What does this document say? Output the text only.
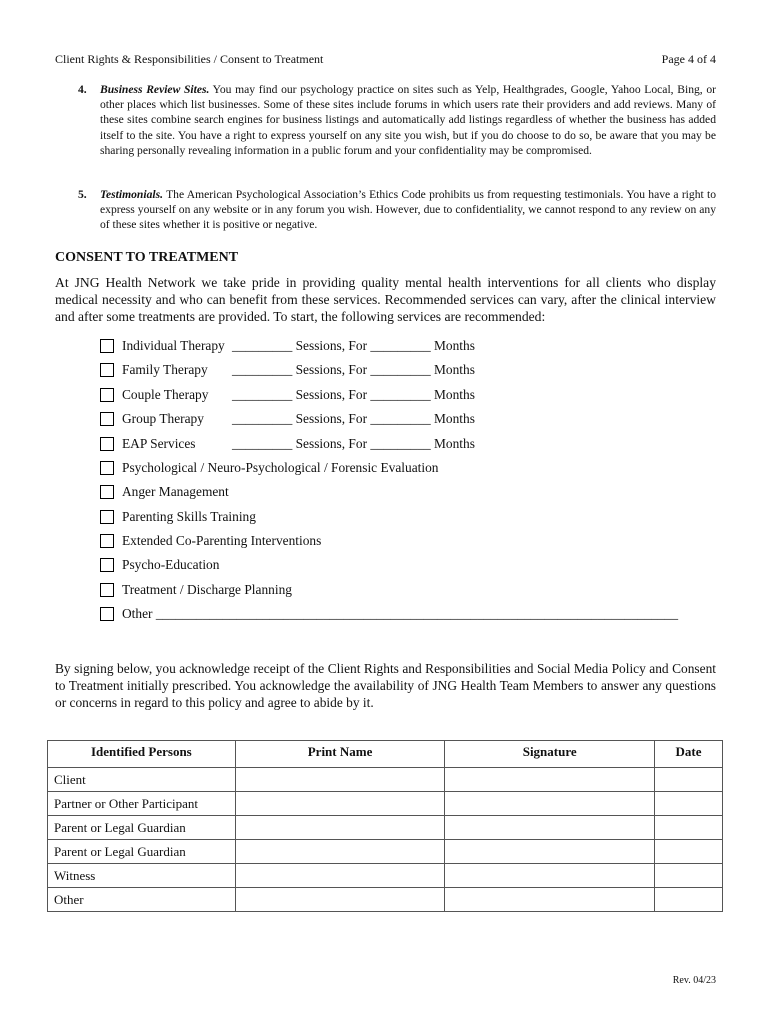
Client Rights & Responsibilities / Consent to Treatment	Page 4 of 4
4. Business Review Sites. You may find our psychology practice on sites such as Yelp, Healthgrades, Google, Yahoo Local, Bing, or other places which list businesses. Some of these sites include forums in which users rate their providers and add reviews. Many of these sites combine search engines for business listings and automatically add listings regardless of whether the business has added itself to the site. You have a right to express yourself on any site you wish, but if you do choose to do so, be aware that you may be sharing personally revealing information in a public forum and your confidentiality may be compromised.
5. Testimonials. The American Psychological Association’s Ethics Code prohibits us from requesting testimonials. You have a right to express yourself on any website or in any forum you wish. However, due to confidentiality, we cannot respond to any review on any of these sites whether it is positive or negative.
CONSENT TO TREATMENT
At JNG Health Network we take pride in providing quality mental health interventions for all clients who display medical necessity and who can benefit from these services. Recommended services can vary, after the clinical interview and after some treatments are provided. To start, the following services are recommended:
Individual Therapy _________ Sessions, For _________ Months
Family Therapy _________ Sessions, For _________ Months
Couple Therapy _________ Sessions, For _________ Months
Group Therapy _________ Sessions, For _________ Months
EAP Services	_________ Sessions, For _________ Months
Psychological / Neuro-Psychological / Forensic Evaluation
Anger Management
Parenting Skills Training
Extended Co-Parenting Interventions
Psycho-Education
Treatment / Discharge Planning
Other ______________________________________________________________________________
By signing below, you acknowledge receipt of the Client Rights and Responsibilities and Social Media Policy and Consent to Treatment initially prescribed. You acknowledge the availability of JNG Health Team Members to answer any questions or concerns in regard to this policy and agree to abide by it.
Identified Persons	Print Name	Signature	Date
Client			
Partner or Other Participant			
Parent or Legal Guardian			
Parent or Legal Guardian			
Witness			
Other			
Rev. 04/23
